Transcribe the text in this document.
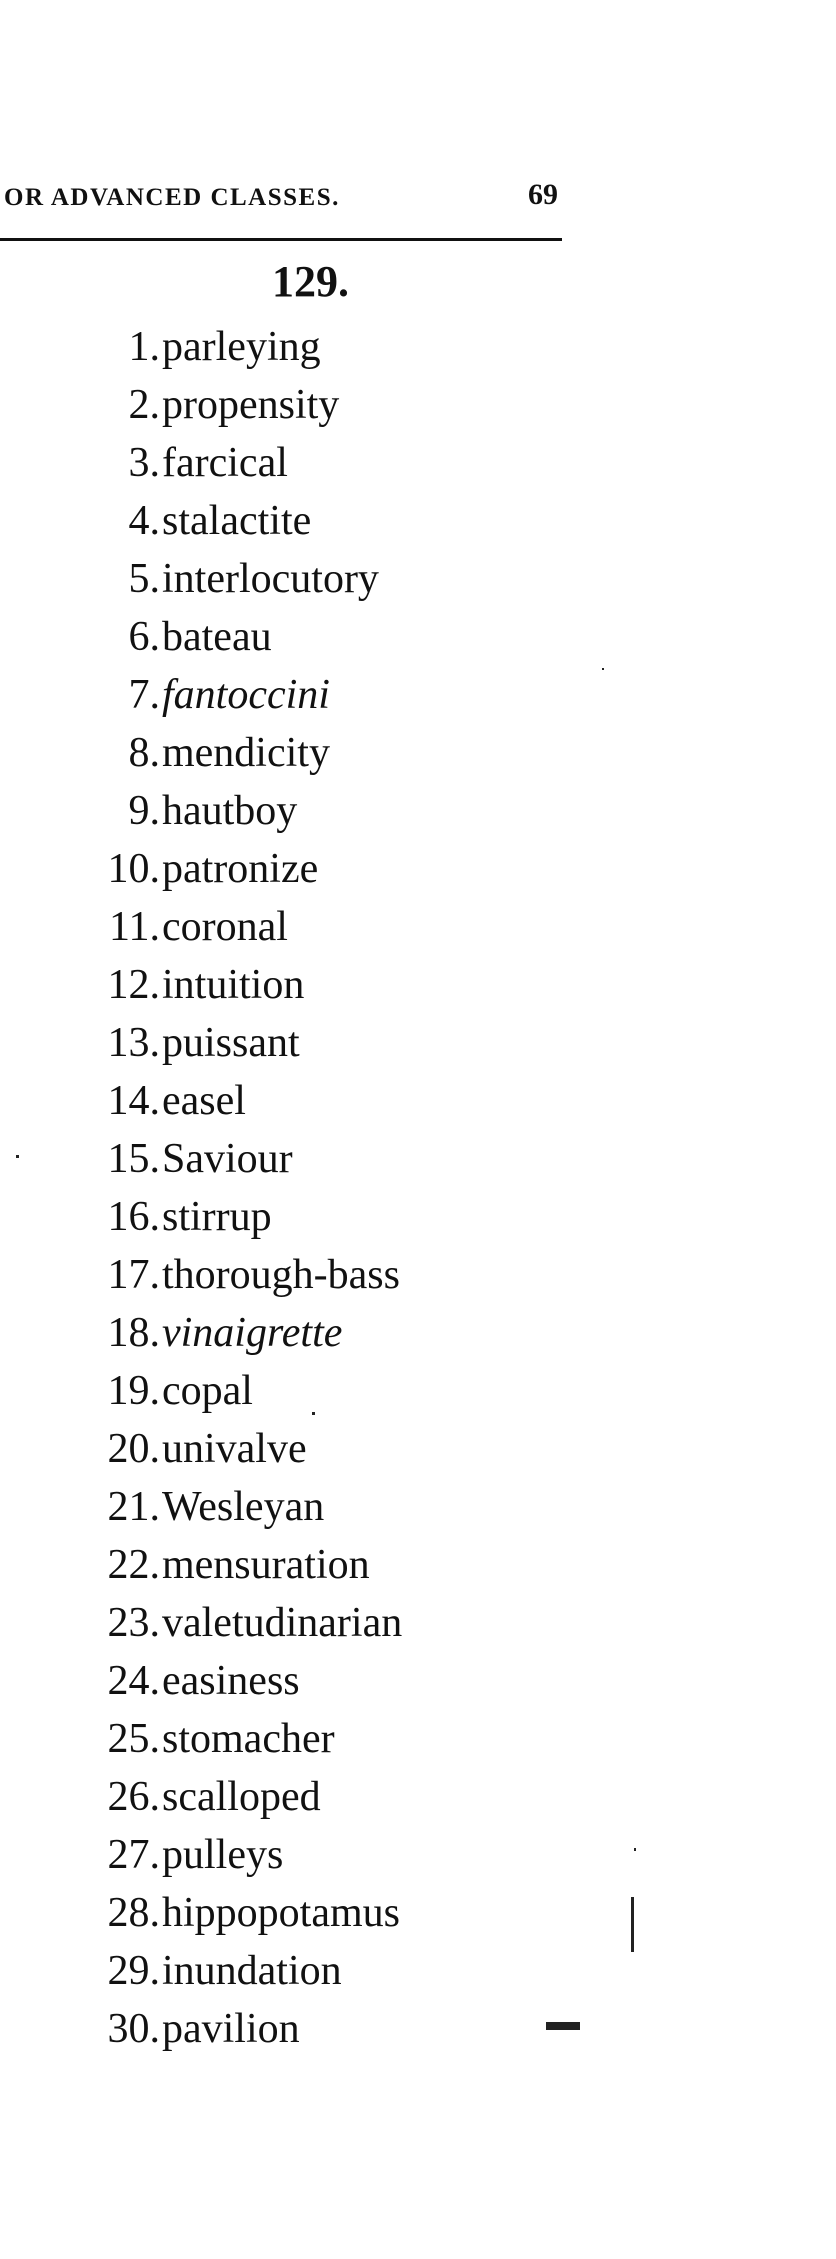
OR ADVANCED CLASSES.	69
129.
1. parleying
2. propensity
3. farcical
4. stalactite
5. interlocutory
6. bateau
7. fantoccini
8. mendicity
9. hautboy
10. patronize
11. coronal
12. intuition
13. puissant
14. easel
15. Saviour
16. stirrup
17. thorough-bass
18. vinaigrette
19. copal
20. univalve
21. Wesleyan
22. mensuration
23. valetudinarian
24. easiness
25. stomacher
26. scalloped
27. pulleys
28. hippopotamus
29. inundation
30. pavilion
